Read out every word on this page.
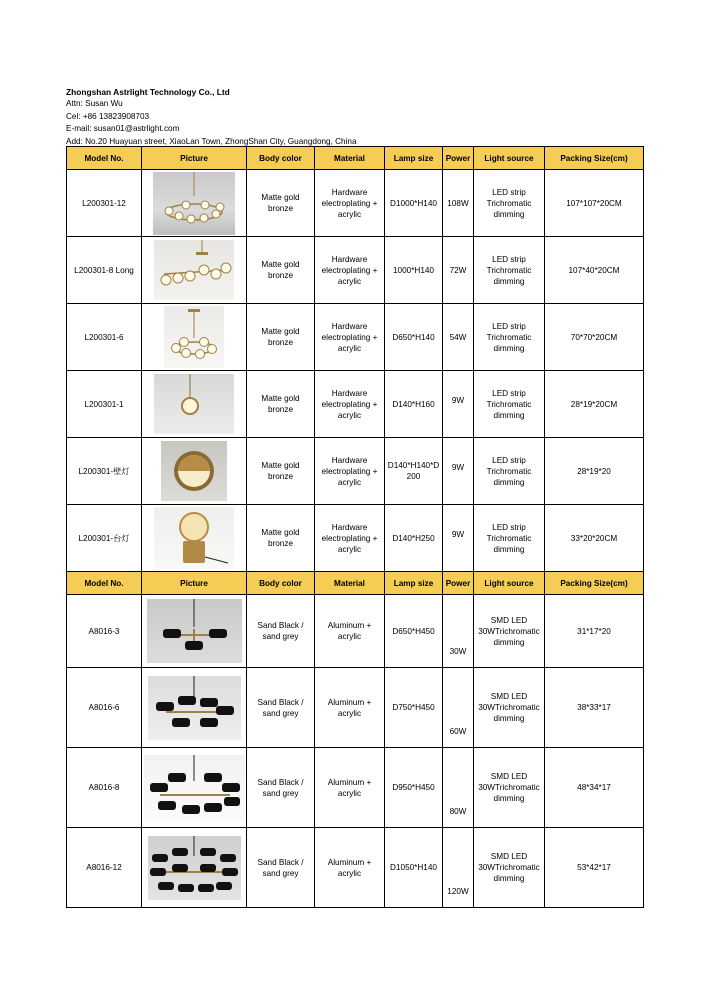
Zhongshan Astrlight Technology Co., Ltd
Attn: Susan Wu
Cel: +86 13823908703
E-mail: susan01@astrlight.com
Add: No.20 Huayuan street, XiaoLan Town, ZhongShan City, Guangdong, China
Model No.	Picture	Body color	Material	Lamp size	Power	Light source	Packing Size(cm)
L200301-12		Matte gold bronze	Hardware electroplating + acrylic	D1000*H140	108W	LED strip Trichromatic dimming	107*107*20CM
L200301-8 Long		Matte gold bronze	Hardware electroplating + acrylic	1000*H140	72W	LED strip Trichromatic dimming	107*40*20CM
L200301-6		Matte gold bronze	Hardware electroplating + acrylic	D650*H140	54W	LED strip Trichromatic dimming	70*70*20CM
L200301-1		Matte gold bronze	Hardware electroplating + acrylic	D140*H160	9W	LED strip Trichromatic dimming	28*19*20CM
L200301-壁灯		Matte gold bronze	Hardware electroplating + acrylic	D140*H140*D 200	9W	LED strip Trichromatic dimming	28*19*20
L200301-台灯		Matte gold bronze	Hardware electroplating + acrylic	D140*H250	9W	LED strip Trichromatic dimming	33*20*20CM
Model No.	Picture	Body color	Material	Lamp size	Power	Light source	Packing Size(cm)
A8016-3		Sand Black / sand grey	Aluminum + acrylic	D650*H450	30W	SMD LED 30WTrichromatic dimming	31*17*20
A8016-6		Sand Black / sand grey	Aluminum + acrylic	D750*H450	60W	SMD LED 30WTrichromatic dimming	38*33*17
A8016-8		Sand Black / sand grey	Aluminum + acrylic	D950*H450	80W	SMD LED 30WTrichromatic dimming	48*34*17
A8016-12		Sand Black / sand grey	Aluminum + acrylic	D1050*H140	120W	SMD LED 30WTrichromatic dimming	53*42*17
